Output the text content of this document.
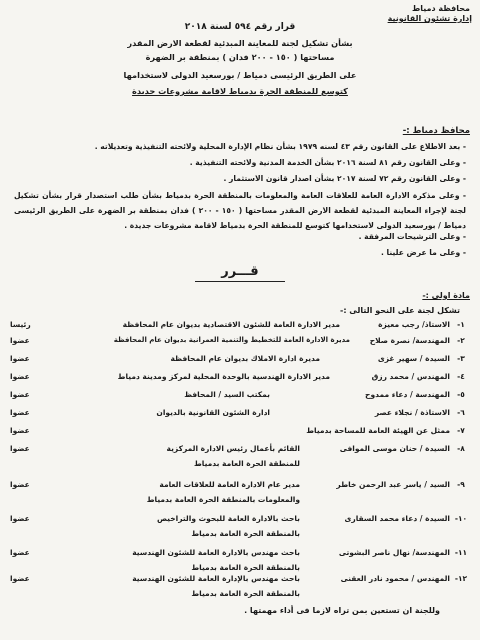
محافظة دمياط
إدارة تشئون القانونية
قرار رقم ٥٩٤ لسنة ٢٠١٨
بشأن تشكيل لجنة للمعاينة المبدئية لقطعة الارض المقدر
مساحتها ( ١٥٠ - ٢٠٠ فدان ) بمنطقة بر الضهرة
على الطريق الرئيسى دمياط / بورسعيد الدولى لاستخدامها
كتوسع للمنطقة الحرة بدمياط لاقامة مشروعات جديدة
محافظ دمياط :-
- بعد الاطلاع على القانون رقم ٤٣ لسنه ١٩٧٩ بشأن نظام الإدارة المحلية ولائحته التنفيذية وتعديلاته .
- وعلى القانون رقم ٨١ لسنة ٢٠١٦ بشأن الخدمة المدنية ولائحته التنفيذية .
- وعلى القانون رقم ٧٢ لسنة ٢٠١٧ بشأن اصدار قانون الاستثمار .
- وعلى مذكرة الادارة العامة للعلاقات العامة والمعلومات بالمنطقة الحرة بدمياط بشأن طلب استصدار قرار بشأن تشكيل لجنة لإجراء المعاينة المبدئية لقطعة الارض المقدر مساحتها ( ١٥٠ - ٢٠٠ ) فدان بمنطقة بر الضهرة على الطريق الرئيسى دمياط / بورسعيد الدولى لاستخدامها كتوسع للمنطقة الحرة بدمياط لاقامة مشروعات جديدة .
- وعلى الترشيحات المرفقة .
- وعلى ما عرض علينا .
قـــرر
مادة اولى :-
تشكل لجنة على النحو التالى :-
١-
الاستاذ/ رجب معيزة
مدير الادارة العامة للشئون الاقتصادية بديوان عام المحافظة
رئيسا
٢-
المهندسة/ نصرة صلاح
مديرة الادارة العامة للتخطيط والتنمية العمرانية بديوان عام المحافظة
عضوا
٣-
السيدة / سهير غزى
مديرة ادارة الاملاك بديوان عام المحافظة
عضوا
٤-
المهندس / محمد رزق
مدير الادارة الهندسية بالوحدة المحلية لمركز ومدينة دمياط
عضوا
٥-
المهندسة / دعاء ممدوح
بمكتب السيد / المحافظ
عضوا
٦-
الاستاذة / نجلاء عصر
ادارة الشئون القانونية بالديوان
عضوا
٧-
ممثل عن الهيئة العامة للمساحة بدمياط
عضوا
٨-
السيدة / حنان موسى الموافى
القائم بأعمال رئيس الادارة المركزية
للمنطقة الحرة العامة بدمياط
عضوا
٩-
السيد / ياسر عبد الرحمن خاطر
مدير عام الادارة العامة للعلاقات العامة
والمعلومات بالمنطقة الحرة العامة بدمياط
عضوا
١٠-
السيدة / دعاء محمد السقارى
باحث بالادارة العامة للبحوث والتراخيص
بالمنطقة الحرة العامة بدمياط
عضوا
١١-
المهندسة/ نهال ناصر البشوتى
باحث مهندس بالادارة العامة للشئون الهندسية
بالمنطقة الحرة العامة بدمياط
عضوا
١٢-
المهندس / محمود نادر العقنى
باحث مهندس بالإدارة العامة للشئون الهندسية
بالمنطقة الحرة العامة بدمياط
عضوا
وللجنة ان تستعين بمن تراه لازما فى أداء مهمتها .
